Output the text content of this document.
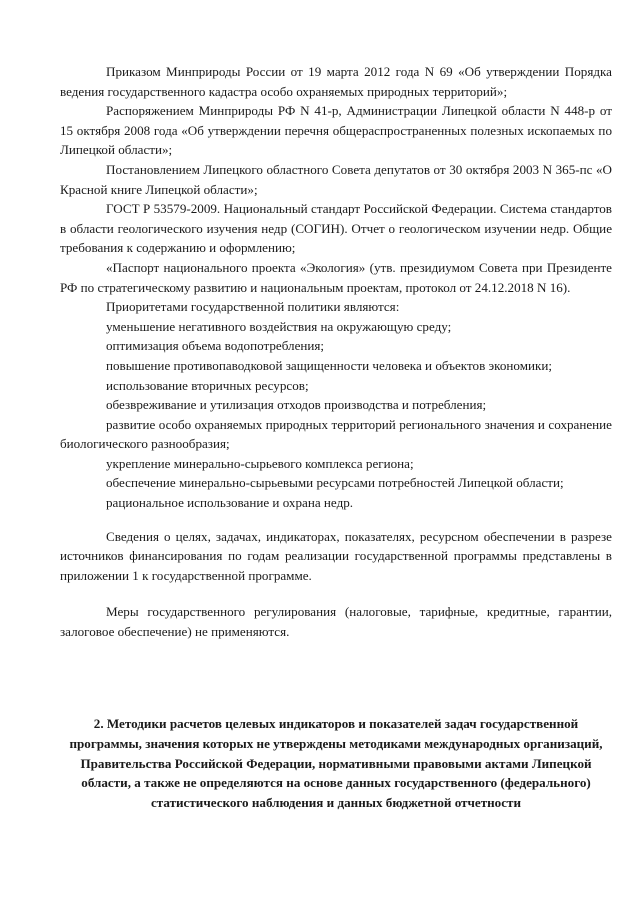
Приказом Минприроды России от 19 марта 2012 года N 69 «Об утверждении Порядка ведения государственного кадастра особо охраняемых природных территорий»;

Распоряжением Минприроды РФ N 41-р, Администрации Липецкой области N 448-р от 15 октября 2008 года «Об утверждении перечня общераспространенных полезных ископаемых по Липецкой области»;

Постановлением Липецкого областного Совета депутатов от 30 октября 2003 N 365-пс «О Красной книге Липецкой области»;

ГОСТ Р 53579-2009. Национальный стандарт Российской Федерации. Система стандартов в области геологического изучения недр (СОГИН). Отчет о геологическом изучении недр. Общие требования к содержанию и оформлению;

«Паспорт национального проекта «Экология» (утв. президиумом Совета при Президенте РФ по стратегическому развитию и национальным проектам, протокол от 24.12.2018 N 16).

Приоритетами государственной политики являются:

уменьшение негативного воздействия на окружающую среду;

оптимизация объема водопотребления;

повышение противопаводковой защищенности человека и объектов экономики;

использование вторичных ресурсов;

обезвреживание и утилизация отходов производства и потребления;

развитие особо охраняемых природных территорий регионального значения и сохранение биологического разнообразия;

укрепление минерально-сырьевого комплекса региона;

обеспечение минерально-сырьевыми ресурсами потребностей Липецкой области;

рациональное использование и охрана недр.

Сведения о целях, задачах, индикаторах, показателях, ресурсном обеспечении в разрезе источников финансирования по годам реализации государственной программы представлены в приложении 1 к государственной программе.

Меры государственного регулирования (налоговые, тарифные, кредитные, гарантии, залоговое обеспечение) не применяются.

2. Методики расчетов целевых индикаторов и показателей задач государственной программы, значения которых не утверждены методиками международных организаций, Правительства Российской Федерации, нормативными правовыми актами Липецкой области, а также не определяются на основе данных государственного (федерального) статистического наблюдения и данных бюджетной отчетности
